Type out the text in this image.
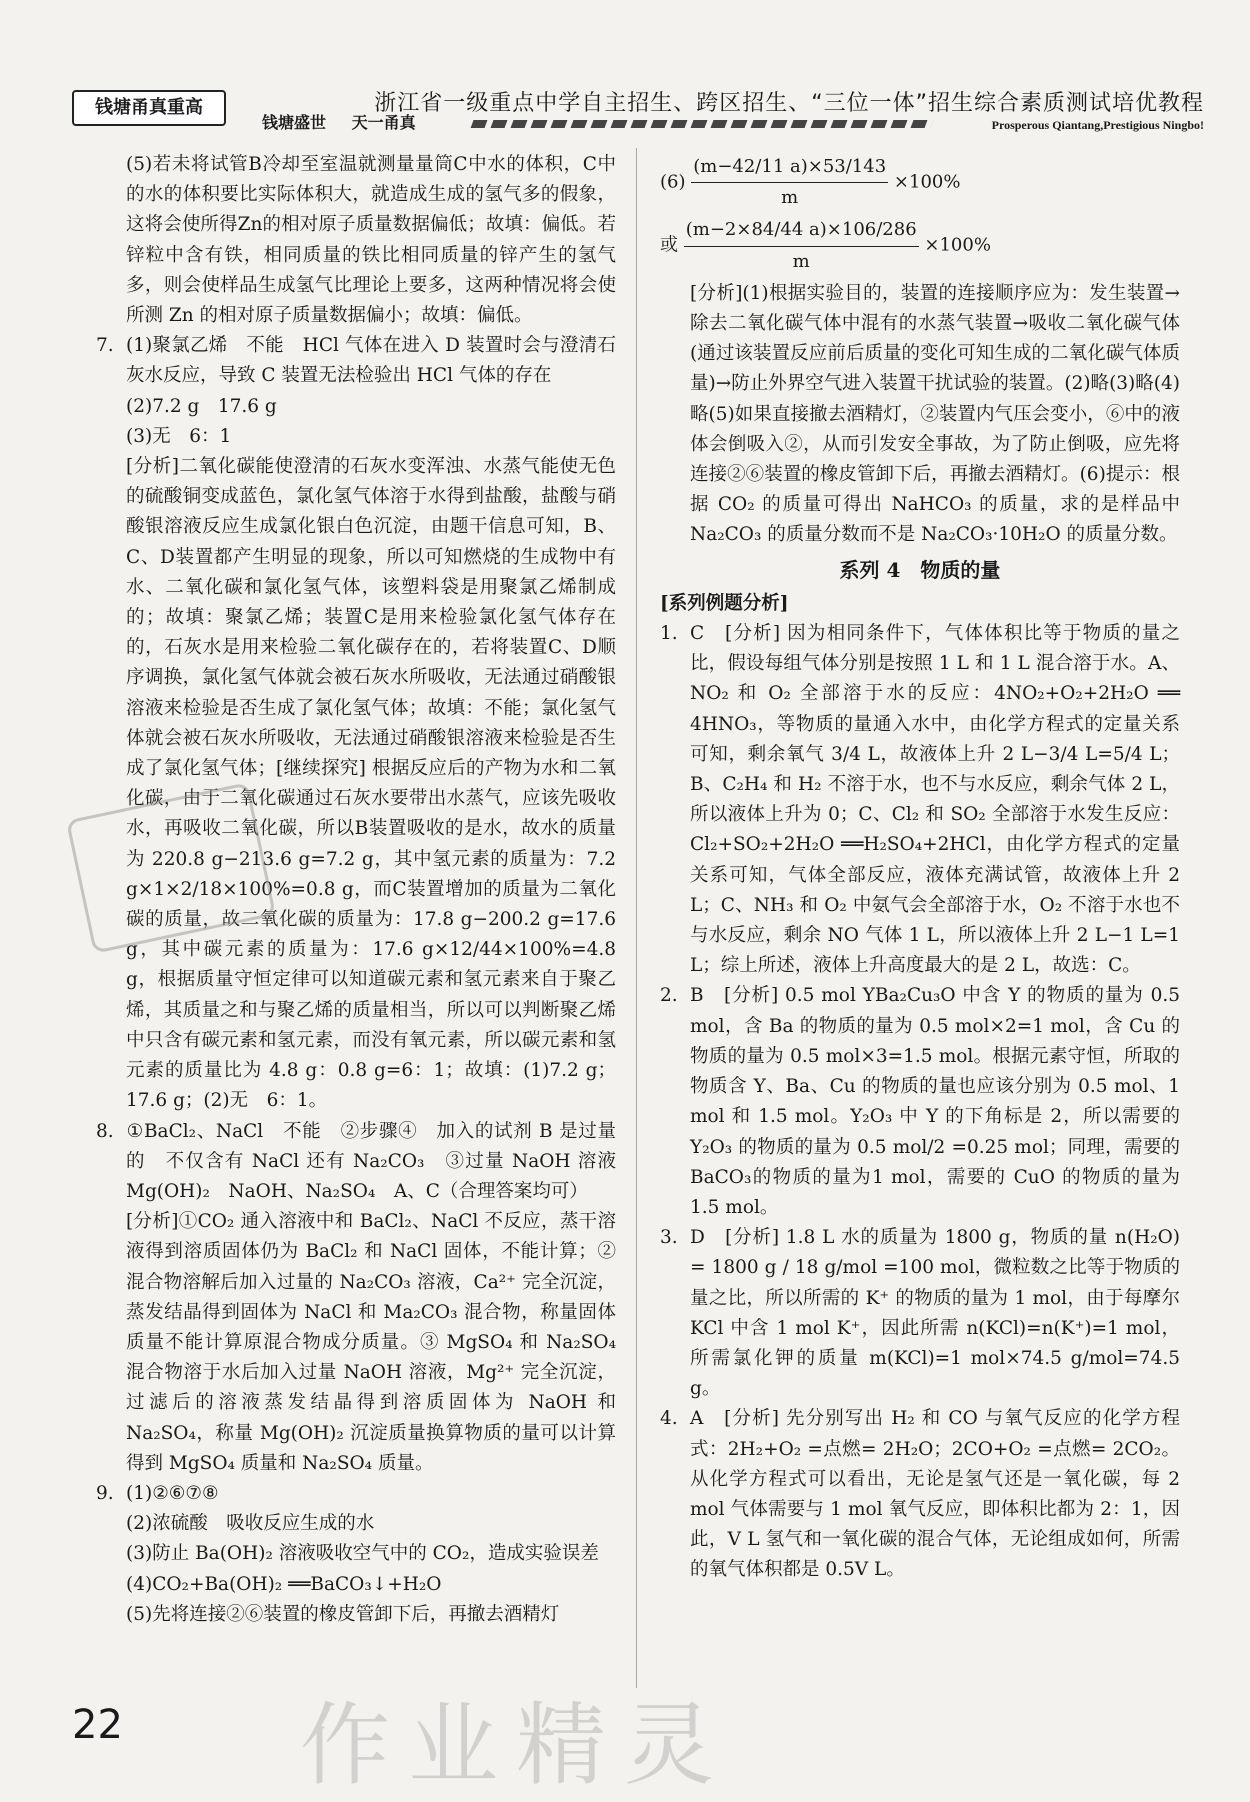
钱塘甬真重高
钱塘盛世 天一甬真
浙江省一级重点中学自主招生、跨区招生、“三位一体”招生综合素质测试培优教程
Prosperous Qiantang,Prestigious Ningbo!

(5)若未将试管B冷却至室温就测量量筒C中水的体积，C中的水的体积要比实际体积大，就造成生成的氢气多的假象，这将会使所得Zn的相对原子质量数据偏低；故填：偏低。若锌粒中含有铁，相同质量的铁比相同质量的锌产生的氢气多，则会使样品生成氢气比理论上要多，这两种情况将会使所测 Zn 的相对原子质量数据偏小；故填：偏低。

7. (1)聚氯乙烯　不能　HCl 气体在进入 D 装置时会与澄清石灰水反应，导致 C 装置无法检验出 HCl 气体的存在

(2)7.2 g　17.6 g

(3)无　6：1

[分析]二氧化碳能使澄清的石灰水变浑浊、水蒸气能使无色的硫酸铜变成蓝色，氯化氢气体溶于水得到盐酸，盐酸与硝酸银溶液反应生成氯化银白色沉淀，由题干信息可知，B、C、D装置都产生明显的现象，所以可知燃烧的生成物中有水、二氧化碳和氯化氢气体，该塑料袋是用聚氯乙烯制成的；故填：聚氯乙烯；装置C是用来检验氯化氢气体存在的，石灰水是用来检验二氧化碳存在的，若将装置C、D顺序调换，氯化氢气体就会被石灰水所吸收，无法通过硝酸银溶液来检验是否生成了氯化氢气体；故填：不能；氯化氢气体就会被石灰水所吸收，无法通过硝酸银溶液来检验是否生成了氯化氢气体；[继续探究] 根据反应后的产物为水和二氧化碳，由于二氧化碳通过石灰水要带出水蒸气，应该先吸收水，再吸收二氧化碳，所以B装置吸收的是水，故水的质量为 220.8 g−213.6 g=7.2 g，其中氢元素的质量为：7.2 g×1×2/18×100%=0.8 g，而C装置增加的质量为二氧化碳的质量，故二氧化碳的质量为：17.8 g−200.2 g=17.6 g，其中碳元素的质量为：17.6 g×12/44×100%=4.8 g，根据质量守恒定律可以知道碳元素和氢元素来自于聚乙烯，其质量之和与聚乙烯的质量相当，所以可以判断聚乙烯中只含有碳元素和氢元素，而没有氧元素，所以碳元素和氢元素的质量比为 4.8 g：0.8 g=6：1；故填：(1)7.2 g；17.6 g；(2)无　6：1。

8. ①BaCl₂、NaCl　不能　②步骤④　加入的试剂 B 是过量的　不仅含有 NaCl 还有 Na₂CO₃　③过量 NaOH 溶液　Mg(OH)₂　NaOH、Na₂SO₄　A、C（合理答案均可）

[分析]①CO₂ 通入溶液中和 BaCl₂、NaCl 不反应，蒸干溶液得到溶质固体仍为 BaCl₂ 和 NaCl 固体，不能计算；②混合物溶解后加入过量的 Na₂CO₃ 溶液，Ca²⁺ 完全沉淀，蒸发结晶得到固体为 NaCl 和 Ma₂CO₃ 混合物，称量固体质量不能计算原混合物成分质量。③ MgSO₄ 和 Na₂SO₄ 混合物溶于水后加入过量 NaOH 溶液，Mg²⁺ 完全沉淀，过滤后的溶液蒸发结晶得到溶质固体为 NaOH 和 Na₂SO₄，称量 Mg(OH)₂ 沉淀质量换算物质的量可以计算得到 MgSO₄ 质量和 Na₂SO₄ 质量。

9. (1)②⑥⑦⑧

(2)浓硫酸　吸收反应生成的水

(3)防止 Ba(OH)₂ 溶液吸收空气中的 CO₂，造成实验误差

(4)CO₂+Ba(OH)₂ ══BaCO₃↓+H₂O

(5)先将连接②⑥装置的橡皮管卸下后，再撤去酒精灯

$(6) \frac{(m-42/11 a)\times 53/143}{m} \times 100\%$
或 $\frac{(m-2\times 84/44 a)\times 106/286}{m} \times 100\%$

[分析](1)根据实验目的，装置的连接顺序应为：发生装置→除去二氧化碳气体中混有的水蒸气装置→吸收二氧化碳气体(通过该装置反应前后质量的变化可知生成的二氧化碳气体质量)→防止外界空气进入装置干扰试验的装置。(2)略(3)略(4)略(5)如果直接撤去酒精灯，②装置内气压会变小，⑥中的液体会倒吸入②，从而引发安全事故，为了防止倒吸，应先将连接②⑥装置的橡皮管卸下后，再撤去酒精灯。(6)提示：根据 CO₂ 的质量可得出 NaHCO₃ 的质量，求的是样品中 Na₂CO₃ 的质量分数而不是 Na₂CO₃·10H₂O 的质量分数。

系列 4　物质的量
[系列例题分析]

1. C　[分析] 因为相同条件下，气体体积比等于物质的量之比，假设每组气体分别是按照 1 L 和 1 L 混合溶于水。A、NO₂ 和 O₂ 全部溶于水的反应：4NO₂+O₂+2H₂O ══ 4HNO₃，等物质的量通入水中，由化学方程式的定量关系可知，剩余氧气 3/4 L，故液体上升 2 L−3/4 L=5/4 L；B、C₂H₄ 和 H₂ 不溶于水，也不与水反应，剩余气体 2 L，所以液体上升为 0；C、Cl₂ 和 SO₂ 全部溶于水发生反应：Cl₂+SO₂+2H₂O ══H₂SO₄+2HCl，由化学方程式的定量关系可知，气体全部反应，液体充满试管，故液体上升 2 L；C、NH₃ 和 O₂ 中氨气会全部溶于水，O₂ 不溶于水也不与水反应，剩余 NO 气体 1 L，所以液体上升 2 L−1 L=1 L；综上所述，液体上升高度最大的是 2 L，故选：C。

2. B　[分析] 0.5 mol YBa₂Cu₃O 中含 Y 的物质的量为 0.5 mol，含 Ba 的物质的量为 0.5 mol×2=1 mol，含 Cu 的物质的量为 0.5 mol×3=1.5 mol。根据元素守恒，所取的物质含 Y、Ba、Cu 的物质的量也应该分别为 0.5 mol、1 mol 和 1.5 mol。Y₂O₃ 中 Y 的下角标是 2，所以需要的 Y₂O₃ 的物质的量为 0.5 mol/2 =0.25 mol；同理，需要的 BaCO₃的物质的量为1 mol，需要的 CuO 的物质的量为 1.5 mol。

3. D　[分析] 1.8 L 水的质量为 1800 g，物质的量 n(H₂O) = 1800 g / 18 g/mol =100 mol，微粒数之比等于物质的量之比，所以所需的 K⁺ 的物质的量为 1 mol，由于每摩尔 KCl 中含 1 mol K⁺，因此所需 n(KCl)=n(K⁺)=1 mol，所需氯化钾的质量 m(KCl)=1 mol×74.5 g/mol=74.5 g。

4. A　[分析] 先分别写出 H₂ 和 CO 与氧气反应的化学方程式：2H₂+O₂ =点燃= 2H₂O；2CO+O₂ =点燃= 2CO₂。从化学方程式可以看出，无论是氢气还是一氧化碳，每 2 mol 气体需要与 1 mol 氧气反应，即体积比都为 2：1，因此，V L 氢气和一氧化碳的混合气体，无论组成如何，所需的氧气体积都是 0.5V L。

作业精灵
22
